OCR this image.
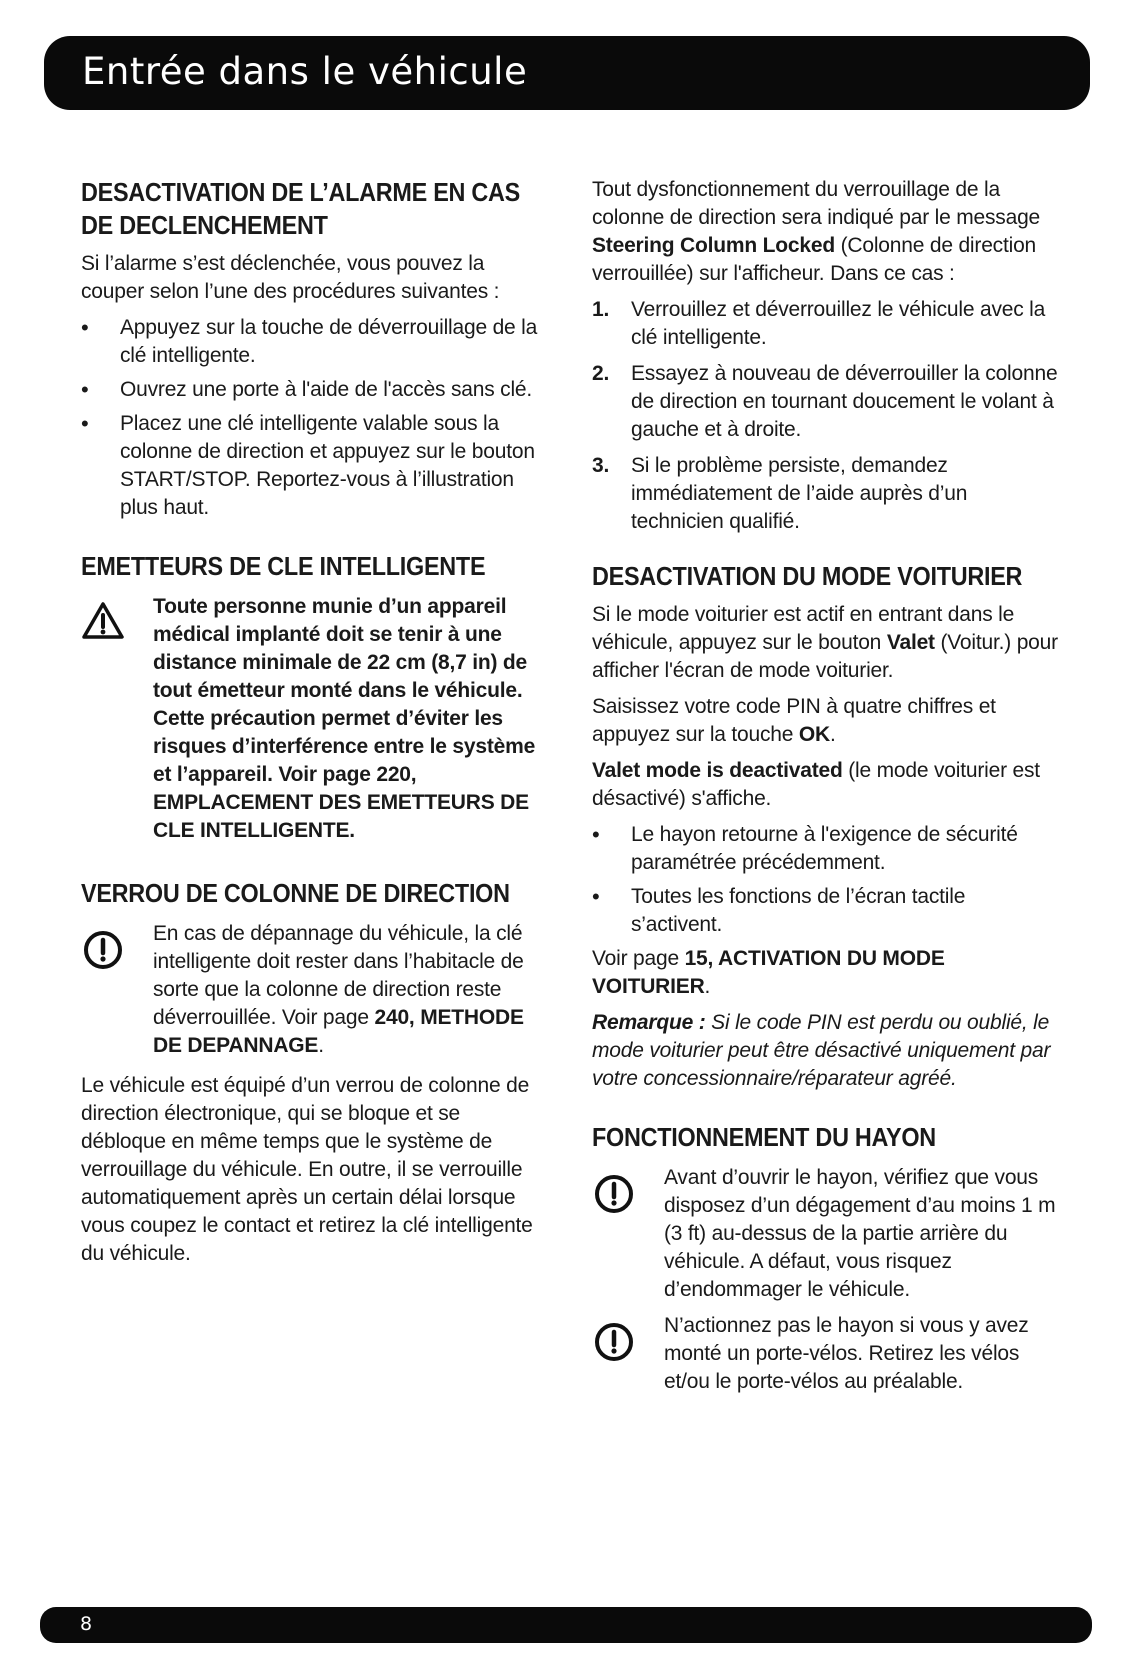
Entrée dans le véhicule
DESACTIVATION DE L’ALARME EN CAS
DE DECLENCHEMENT

Si l’alarme s’est déclenchée, vous pouvez la couper selon l’une des procédures suivantes :

• Appuyez sur la touche de déverrouillage de la clé intelligente.
• Ouvrez une porte à l'aide de l'accès sans clé.
• Placez une clé intelligente valable sous la colonne de direction et appuyez sur le bouton START/STOP. Reportez-vous à l’illustration plus haut.
EMETTEURS DE CLE INTELLIGENTE
Toute personne munie d’un appareil médical implanté doit se tenir à une distance minimale de 22 cm (8,7 in) de tout émetteur monté dans le véhicule. Cette précaution permet d’éviter les risques d’interférence entre le système et l’appareil. Voir page 220, EMPLACEMENT DES EMETTEURS DE CLE INTELLIGENTE.
VERROU DE COLONNE DE DIRECTION
En cas de dépannage du véhicule, la clé intelligente doit rester dans l’habitacle de sorte que la colonne de direction reste déverrouillée. Voir page 240, METHODE DE DEPANNAGE.

Le véhicule est équipé d’un verrou de colonne de direction électronique, qui se bloque et se débloque en même temps que le système de verrouillage du véhicule. En outre, il se verrouille automatiquement après un certain délai lorsque vous coupez le contact et retirez la clé intelligente du véhicule.

Tout dysfonctionnement du verrouillage de la colonne de direction sera indiqué par le message Steering Column Locked (Colonne de direction verrouillée) sur l'afficheur. Dans ce cas :

1. Verrouillez et déverrouillez le véhicule avec la clé intelligente.
2. Essayez à nouveau de déverrouiller la colonne de direction en tournant doucement le volant à gauche et à droite.
3. Si le problème persiste, demandez immédiatement de l’aide auprès d’un technicien qualifié.
DESACTIVATION DU MODE VOITURIER

Si le mode voiturier est actif en entrant dans le véhicule, appuyez sur le bouton Valet (Voitur.) pour afficher l'écran de mode voiturier.

Saisissez votre code PIN à quatre chiffres et appuyez sur la touche OK.

Valet mode is deactivated (le mode voiturier est désactivé) s'affiche.

• Le hayon retourne à l'exigence de sécurité paramétrée précédemment.
• Toutes les fonctions de l’écran tactile s’activent.

Voir page 15, ACTIVATION DU MODE VOITURIER.

Remarque : Si le code PIN est perdu ou oublié, le mode voiturier peut être désactivé uniquement par votre concessionnaire/réparateur agréé.

FONCTIONNEMENT DU HAYON
Avant d’ouvrir le hayon, vérifiez que vous disposez d’un dégagement d’au moins 1 m (3 ft) au-dessus de la partie arrière du véhicule. A défaut, vous risquez d’endommager le véhicule.
N’actionnez pas le hayon si vous y avez monté un porte-vélos. Retirez les vélos et/ou le porte-vélos au préalable.
8
